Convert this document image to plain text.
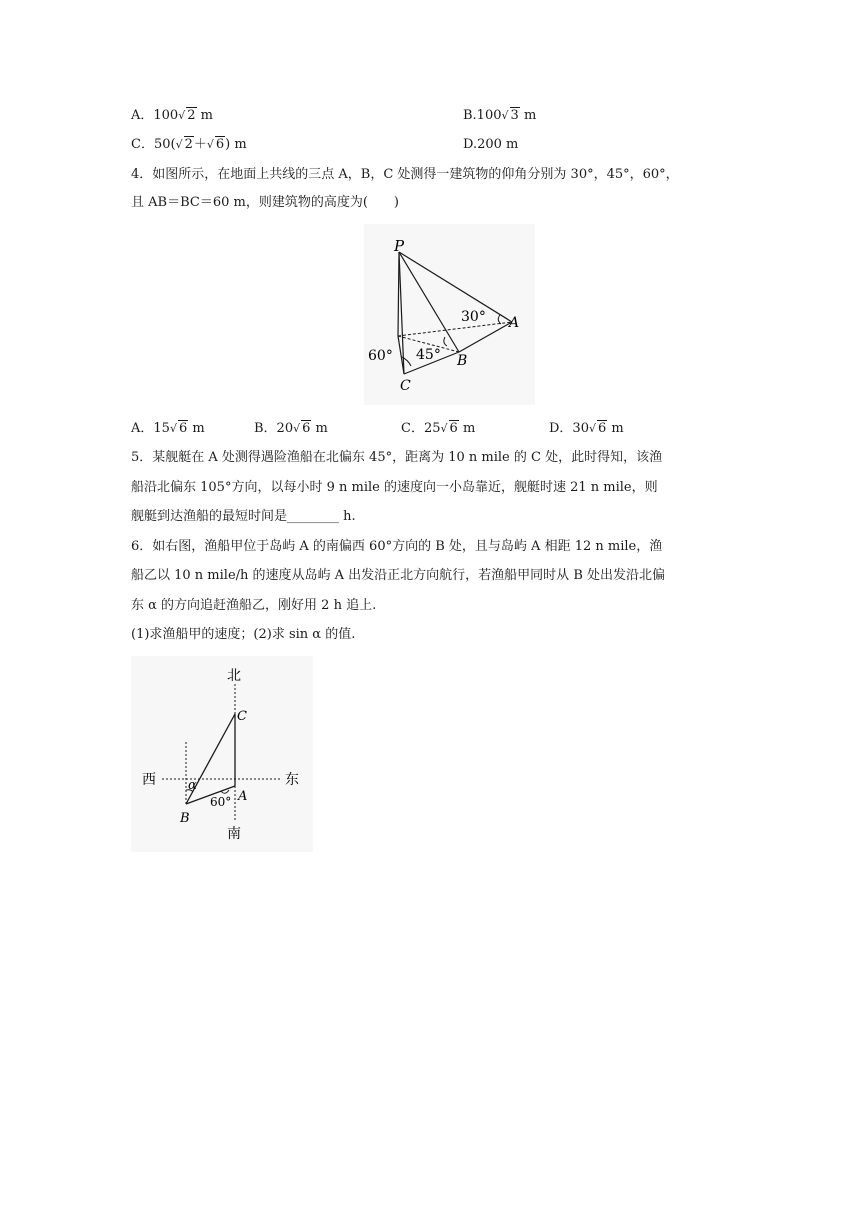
A．100√ 2 m	B.100√ 3 m
C．50(√ 2＋√ 6) m	D.200 m
4．如图所示，在地面上共线的三点 A，B，C 处测得一建筑物的仰角分别为 30°，45°，60°，
且 AB＝BC＝60 m，则建筑物的高度为(　　)
P
A
B
C
30°
45°
60°
A．15√ 6 m	B．20√ 6 m	C．25√ 6 m	D．30√ 6 m
5．某舰艇在 A 处测得遇险渔船在北偏东 45°，距离为 10 n mile 的 C 处，此时得知，该渔
船沿北偏东 105°方向，以每小时 9 n mile 的速度向一小岛靠近，舰艇时速 21 n mile，则
舰艇到达渔船的最短时间是________ h.
6．如右图，渔船甲位于岛屿 A 的南偏西 60°方向的 B 处，且与岛屿 A 相距 12 n mile，渔
船乙以 10 n mile/h 的速度从岛屿 A 出发沿正北方向航行，若渔船甲同时从 B 处出发沿北偏
东 α 的方向追赶渔船乙，刚好用 2 h 追上.
(1)求渔船甲的速度；(2)求 sin α 的值.
北
南
西	东
C
A
B
α
60°
